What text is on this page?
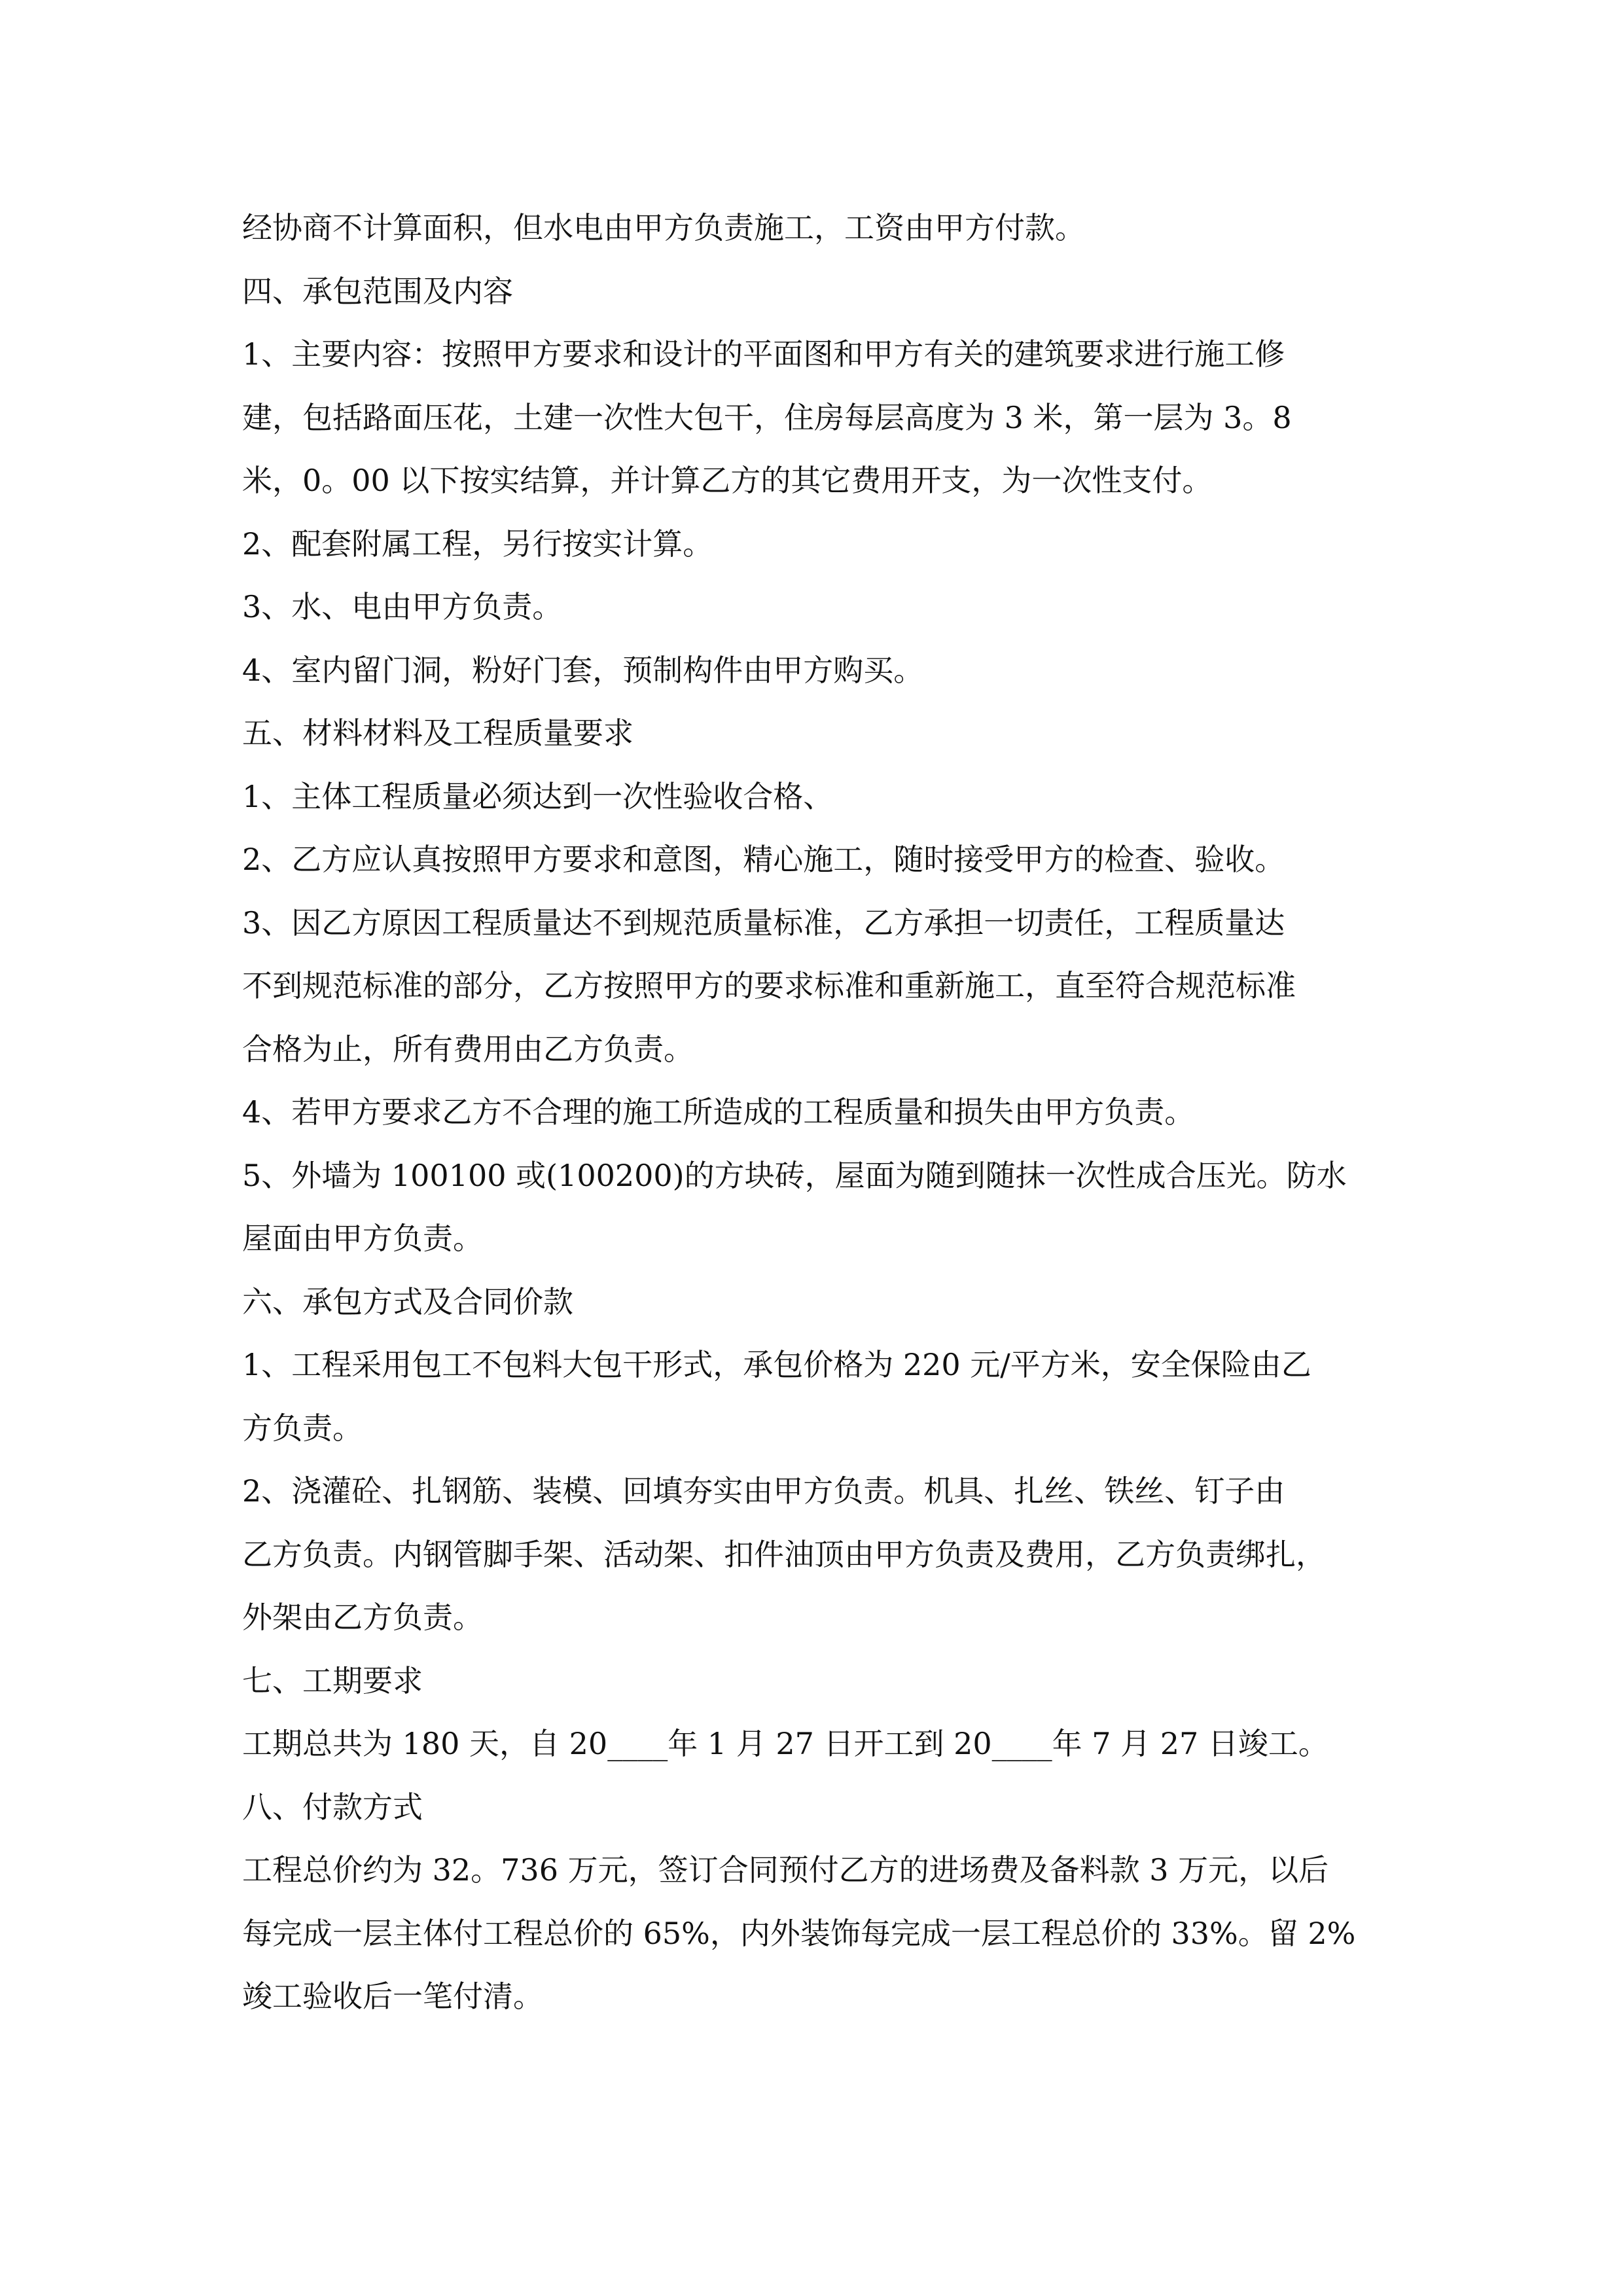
经协商不计算面积，但水电由甲方负责施工，工资由甲方付款。
四、承包范围及内容
1、主要内容：按照甲方要求和设计的平面图和甲方有关的建筑要求进行施工修
建，包括路面压花，土建一次性大包干，住房每层高度为 3 米，第一层为 3。8
米，0。00 以下按实结算，并计算乙方的其它费用开支，为一次性支付。
2、配套附属工程，另行按实计算。
3、水、电由甲方负责。
4、室内留门洞，粉好门套，预制构件由甲方购买。
五、材料材料及工程质量要求
1、主体工程质量必须达到一次性验收合格、
2、乙方应认真按照甲方要求和意图，精心施工，随时接受甲方的检查、验收。
3、因乙方原因工程质量达不到规范质量标准，乙方承担一切责任，工程质量达
不到规范标准的部分，乙方按照甲方的要求标准和重新施工，直至符合规范标准
合格为止，所有费用由乙方负责。
4、若甲方要求乙方不合理的施工所造成的工程质量和损失由甲方负责。
5、外墙为 100100 或(100200)的方块砖，屋面为随到随抹一次性成合压光。防水
屋面由甲方负责。
六、承包方式及合同价款
1、工程采用包工不包料大包干形式，承包价格为 220 元/平方米，安全保险由乙
方负责。
2、浇灌砼、扎钢筋、装模、回填夯实由甲方负责。机具、扎丝、铁丝、钉子由
乙方负责。内钢管脚手架、活动架、扣件油顶由甲方负责及费用，乙方负责绑扎，
外架由乙方负责。
七、工期要求
工期总共为 180 天，自 20____年 1 月 27 日开工到 20____年 7 月 27 日竣工。
八、付款方式
工程总价约为 32。736 万元，签订合同预付乙方的进场费及备料款 3 万元，以后
每完成一层主体付工程总价的 65%，内外装饰每完成一层工程总价的 33%。留 2%
竣工验收后一笔付清。
